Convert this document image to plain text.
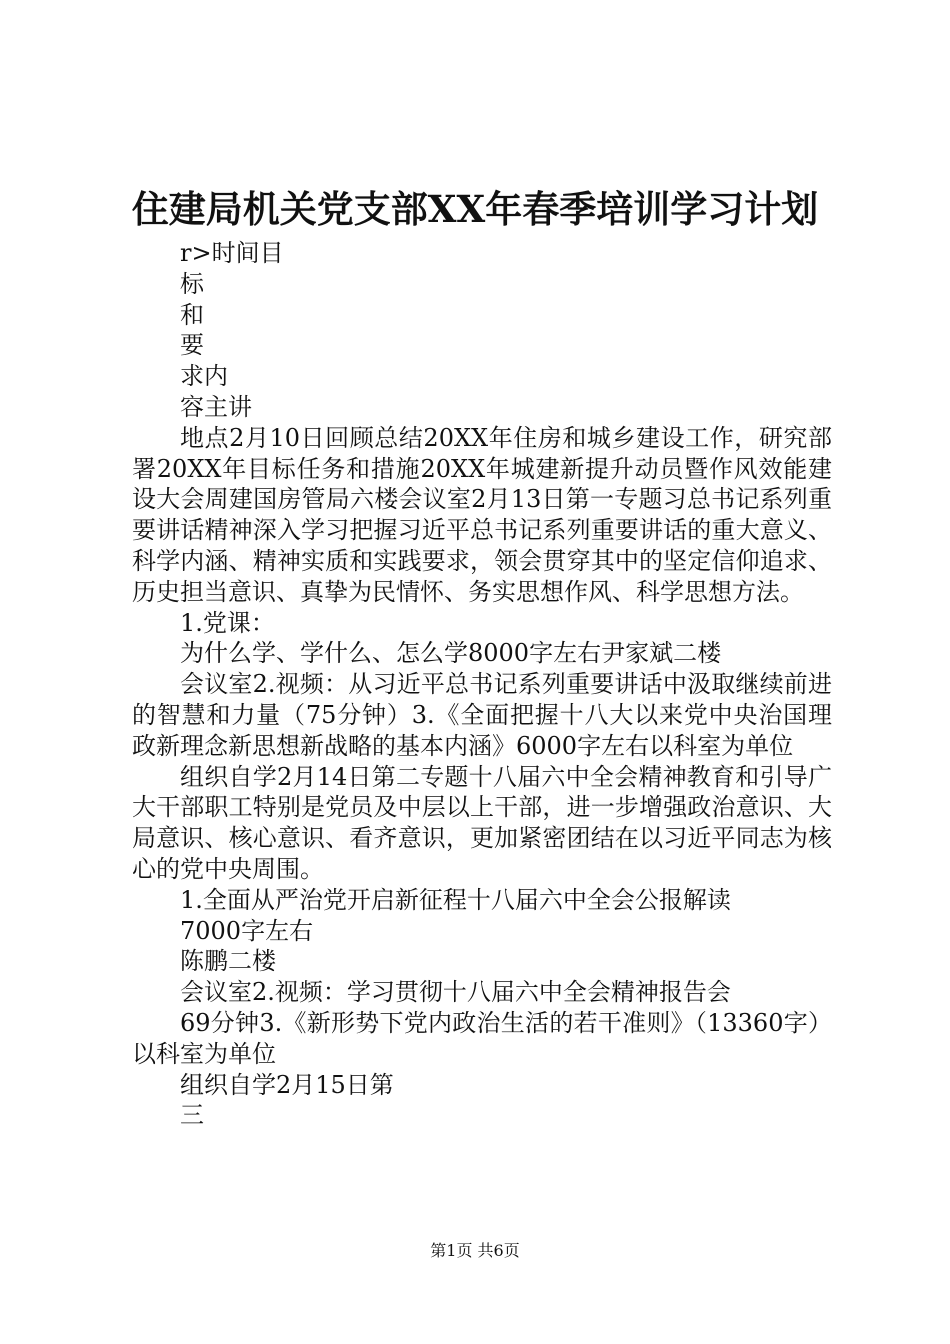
住建局机关党支部XX年春季培训学习计划

r>时间目

标

和

要

求内

容主讲

地点2月10日回顾总结20XX年住房和城乡建设工作，研究部署20XX年目标任务和措施20XX年城建新提升动员暨作风效能建设大会周建国房管局六楼会议室2月13日第一专题习总书记系列重要讲话精神深入学习把握习近平总书记系列重要讲话的重大意义、科学内涵、精神实质和实践要求，领会贯穿其中的坚定信仰追求、历史担当意识、真挚为民情怀、务实思想作风、科学思想方法。

1.党课：

为什么学、学什么、怎么学8000字左右尹家斌二楼

会议室2.视频：从习近平总书记系列重要讲话中汲取继续前进的智慧和力量（75分钟）3.《全面把握十八大以来党中央治国理政新理念新思想新战略的基本内涵》6000字左右以科室为单位

组织自学2月14日第二专题十八届六中全会精神教育和引导广大干部职工特别是党员及中层以上干部，进一步增强政治意识、大局意识、核心意识、看齐意识，更加紧密团结在以习近平同志为核心的党中央周围。

1.全面从严治党开启新征程十八届六中全会公报解读

7000字左右

陈鹏二楼

会议室2.视频：学习贯彻十八届六中全会精神报告会

69分钟3.《新形势下党内政治生活的若干准则》（13360字）以科室为单位

组织自学2月15日第

三

第1页 共6页
